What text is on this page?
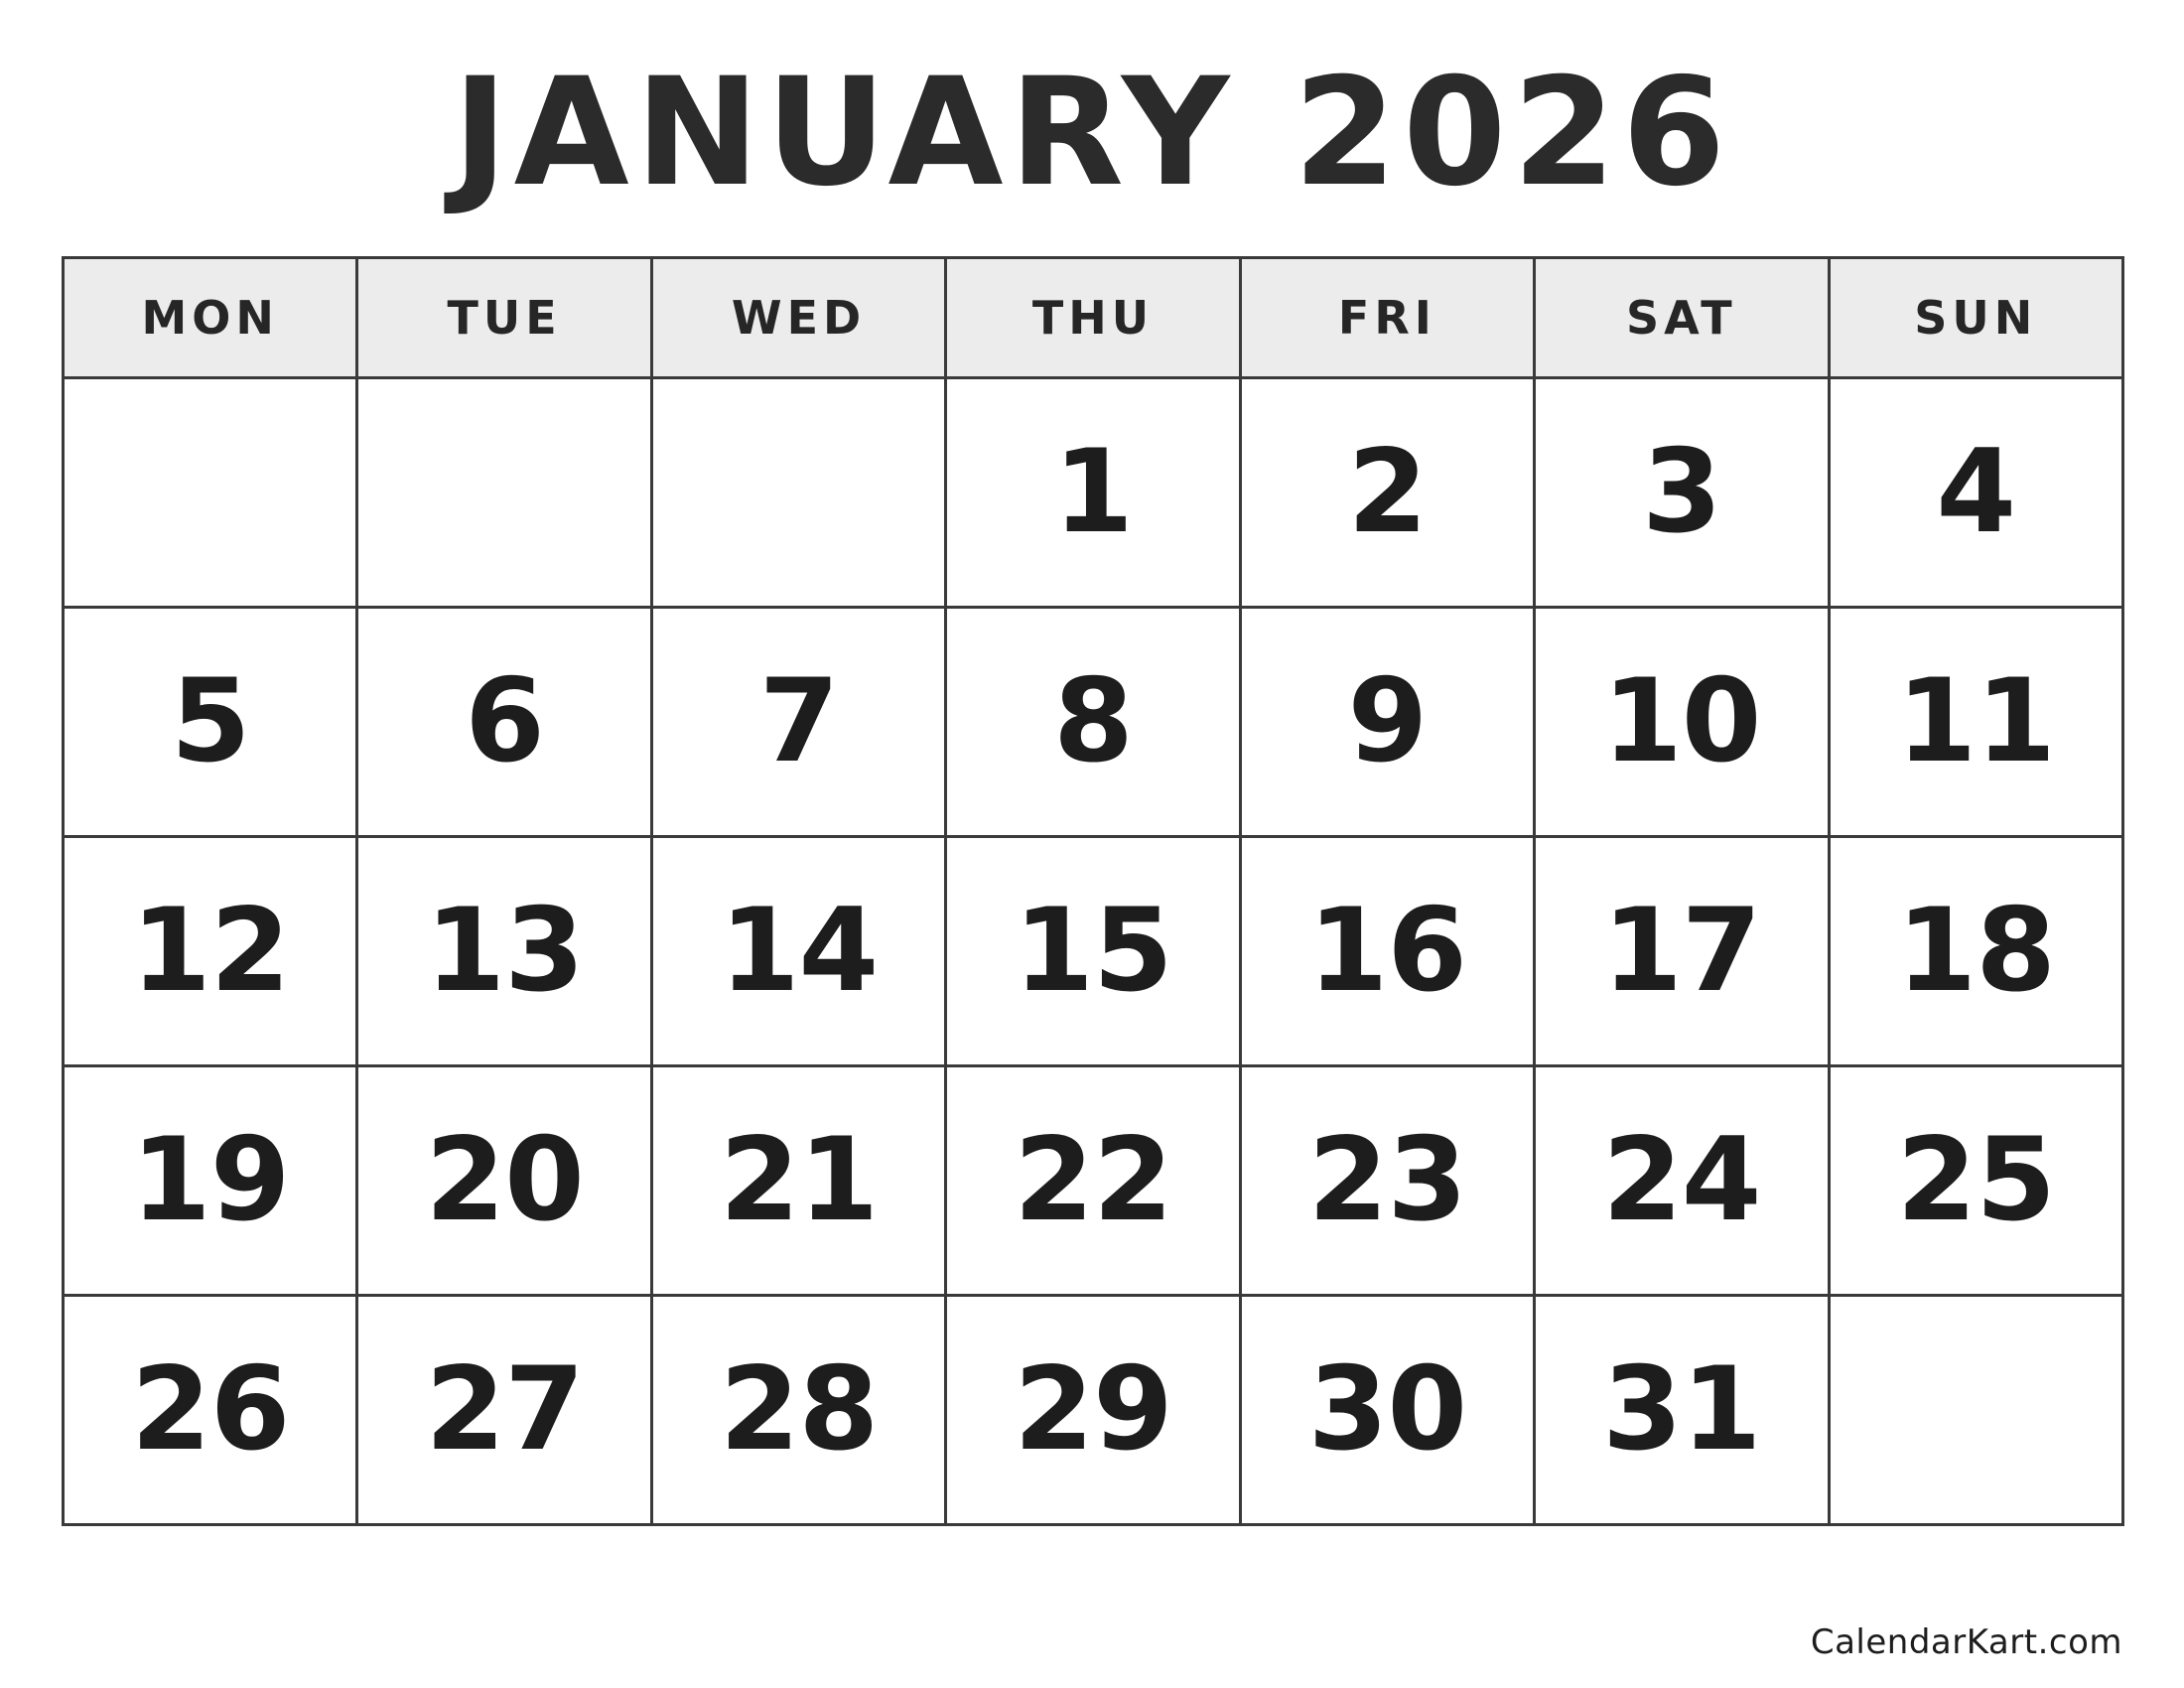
JANUARY 2026
MON	TUE	WED	THU	FRI	SAT	SUN

			1	2	3	4

5	6	7	8	9	10	11

12	13	14	15	16	17	18

19	20	21	22	23	24	25

26	27	28	29	30	31	

CalendarKart.com
